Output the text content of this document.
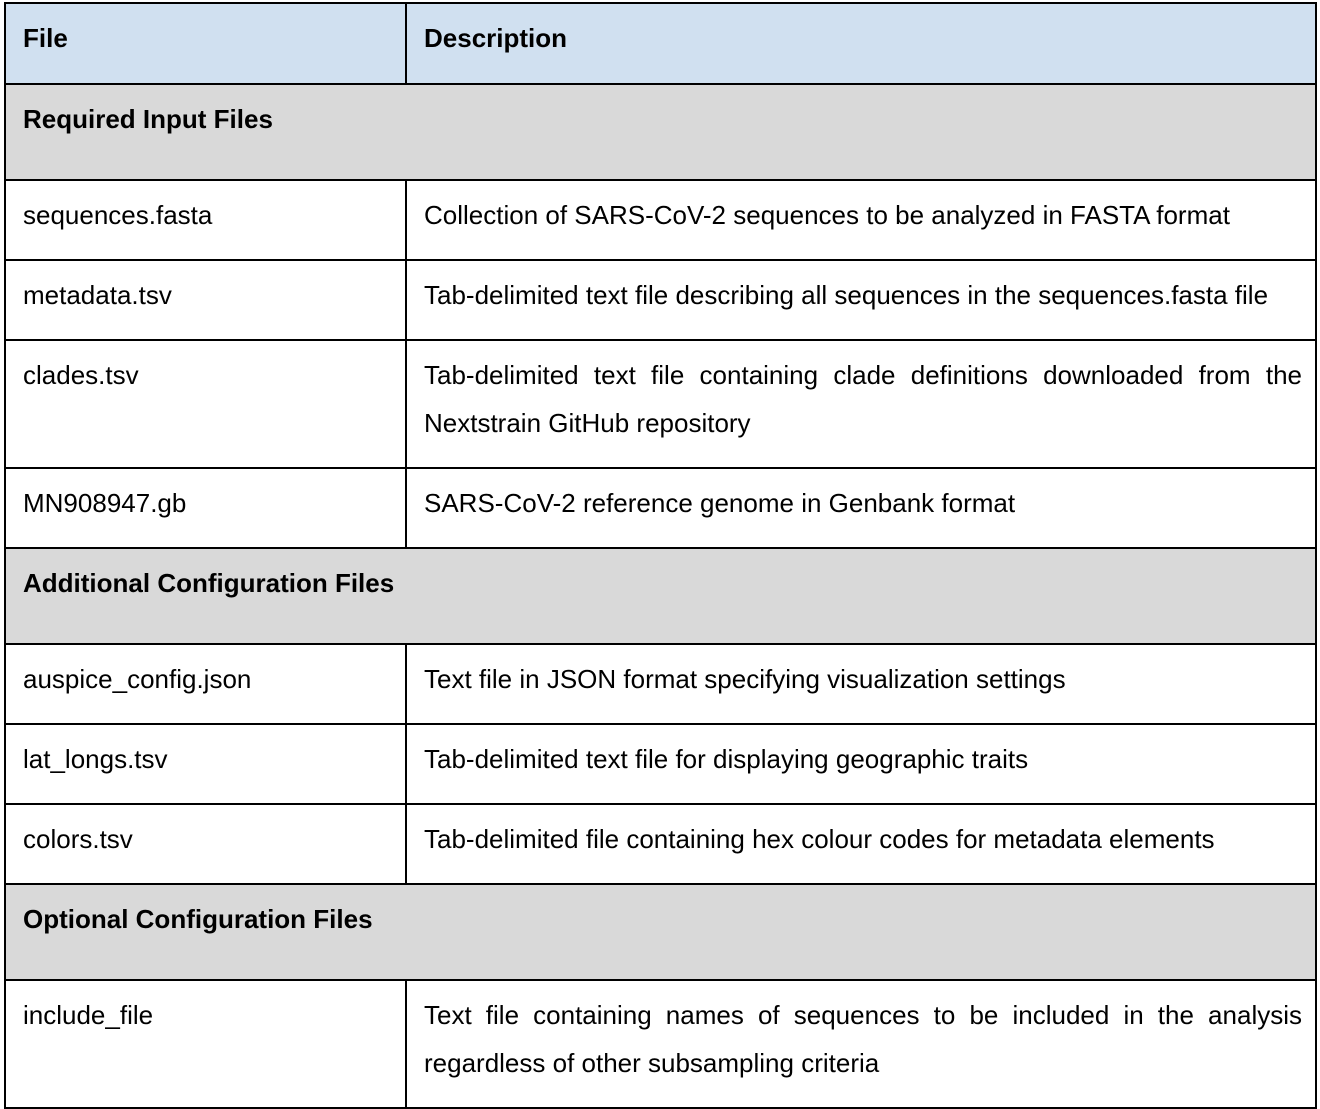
File	Description
Required Input Files	
sequences.fasta	Collection of SARS-CoV-2 sequences to be analyzed in FASTA format
metadata.tsv	Tab-delimited text file describing all sequences in the sequences.fasta file
clades.tsv	Tab-delimited text file containing clade definitions downloaded from the Nextstrain GitHub repository
MN908947.gb	SARS-CoV-2 reference genome in Genbank format
Additional Configuration Files	
auspice_config.json	Text file in JSON format specifying visualization settings
lat_longs.tsv	Tab-delimited text file for displaying geographic traits
colors.tsv	Tab-delimited file containing hex colour codes for metadata elements
Optional Configuration Files	
include_file	Text file containing names of sequences to be included in the analysis regardless of other subsampling criteria
